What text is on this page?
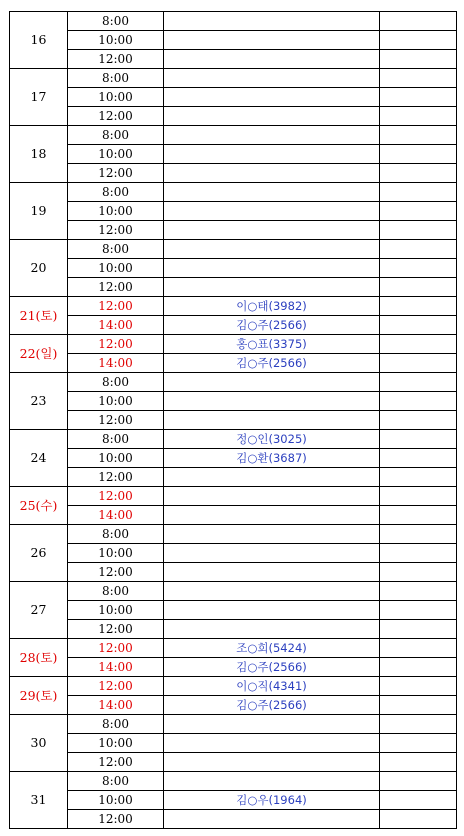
16	8:00		
	10:00		
	12:00		
17	8:00		
	10:00		
	12:00		
18	8:00		
	10:00		
	12:00		
19	8:00		
	10:00		
	12:00		
20	8:00		
	10:00		
	12:00		
21(토)	12:00	이○태(3982)	
	14:00	김○주(2566)	
22(일)	12:00	홍○표(3375)	
	14:00	김○주(2566)	
23	8:00		
	10:00		
	12:00		
24	8:00	정○인(3025)	
	10:00	김○환(3687)	
	12:00		
25(수)	12:00		
	14:00		
26	8:00		
	10:00		
	12:00		
27	8:00		
	10:00		
	12:00		
28(토)	12:00	조○희(5424)	
	14:00	김○주(2566)	
29(토)	12:00	이○직(4341)	
	14:00	김○주(2566)	
30	8:00		
	10:00		
	12:00		
31	8:00		
	10:00	김○우(1964)	
	12:00		
